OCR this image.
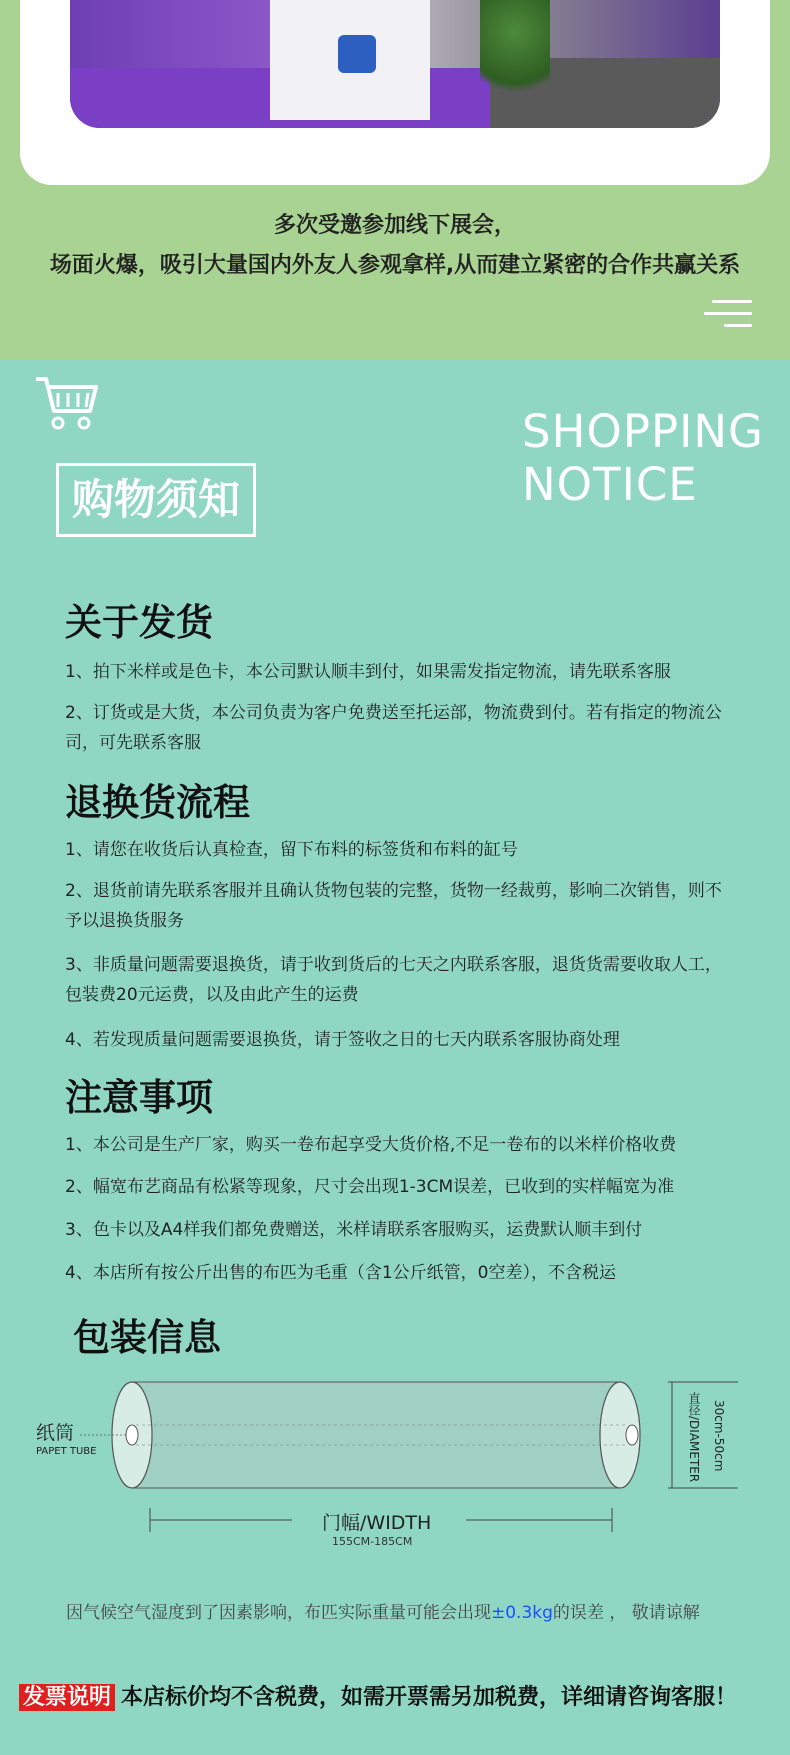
多次受邀参加线下展会，
场面火爆，吸引大量国内外友人参观拿样,从而建立紧密的合作共赢关系
SHOPPING
NOTICE
购物须知
关于发货
1、拍下米样或是色卡，本公司默认顺丰到付，如果需发指定物流，请先联系客服
2、订货或是大货，本公司负责为客户免费送至托运部，物流费到付。若有指定的物流公司，可先联系客服
退换货流程
1、请您在收货后认真检查，留下布料的标签货和布料的缸号
2、退货前请先联系客服并且确认货物包装的完整，货物一经裁剪，影响二次销售，则不予以退换货服务
3、非质量问题需要退换货，请于收到货后的七天之内联系客服，退货货需要收取人工，包装费20元运费，以及由此产生的运费
4、若发现质量问题需要退换货，请于签收之日的七天内联系客服协商处理
注意事项
1、本公司是生产厂家，购买一卷布起享受大货价格,不足一卷布的以米样价格收费
2、幅宽布艺商品有松紧等现象，尺寸会出现1-3CM误差，已收到的实样幅宽为准
3、色卡以及A4样我们都免费赠送，米样请联系客服购买，运费默认顺丰到付
4、本店所有按公斤出售的布匹为毛重（含1公斤纸管，0空差），不含税运
包装信息
纸筒
PAPET TUBE
门幅/WIDTH
155CM-185CM
直径/DIAMETER 30cm-50cm
因气候空气湿度到了因素影响，布匹实际重量可能会出现±0.3kg的误差 ， 敬请谅解
发票说明 本店标价均不含税费，如需开票需另加税费，详细请咨询客服！
